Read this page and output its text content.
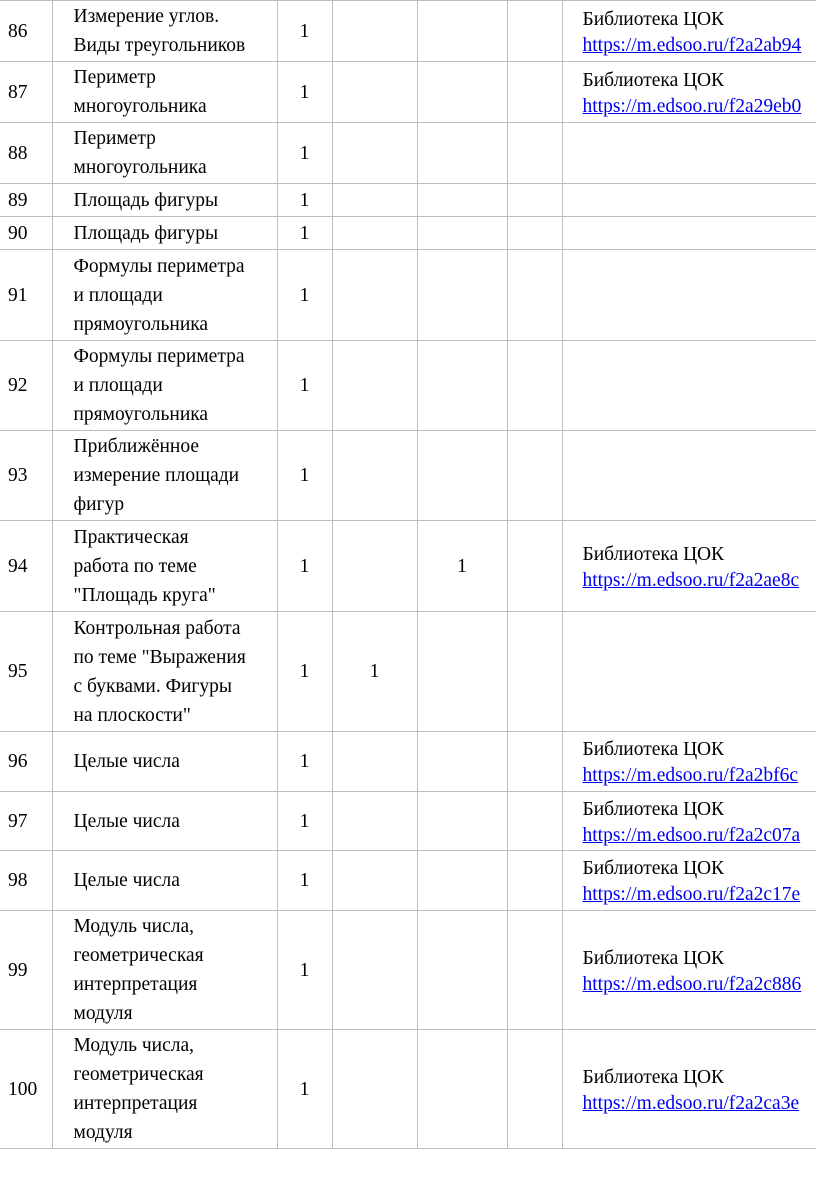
86	Измерение углов.
Виды треугольников	1				Библиотека ЦОК
https://m.edsoo.ru/f2a2ab94

87	Периметр
многоугольника	1				Библиотека ЦОК
https://m.edsoo.ru/f2a29eb0

88	Периметр
многоугольника	1				
89	Площадь фигуры	1				
90	Площадь фигуры	1				
91	Формулы периметра
и площади
прямоугольника	1				
92	Формулы периметра
и площади
прямоугольника	1				
93	Приближённое
измерение площади
фигур	1				
94	Практическая
работа по теме
"Площадь круга"	1		1		Библиотека ЦОК
https://m.edsoo.ru/f2a2ae8c

95	Контрольная работа
по теме "Выражения
с буквами. Фигуры
на плоскости"	1	1			
96	Целые числа	1				Библиотека ЦОК
https://m.edsoo.ru/f2a2bf6c

97	Целые числа	1				Библиотека ЦОК
https://m.edsoo.ru/f2a2c07a

98	Целые числа	1				Библиотека ЦОК
https://m.edsoo.ru/f2a2c17e

99	Модуль числа,
геометрическая
интерпретация
модуля	1				Библиотека ЦОК
https://m.edsoo.ru/f2a2c886

100	Модуль числа,
геометрическая
интерпретация
модуля	1				Библиотека ЦОК
https://m.edsoo.ru/f2a2ca3e
